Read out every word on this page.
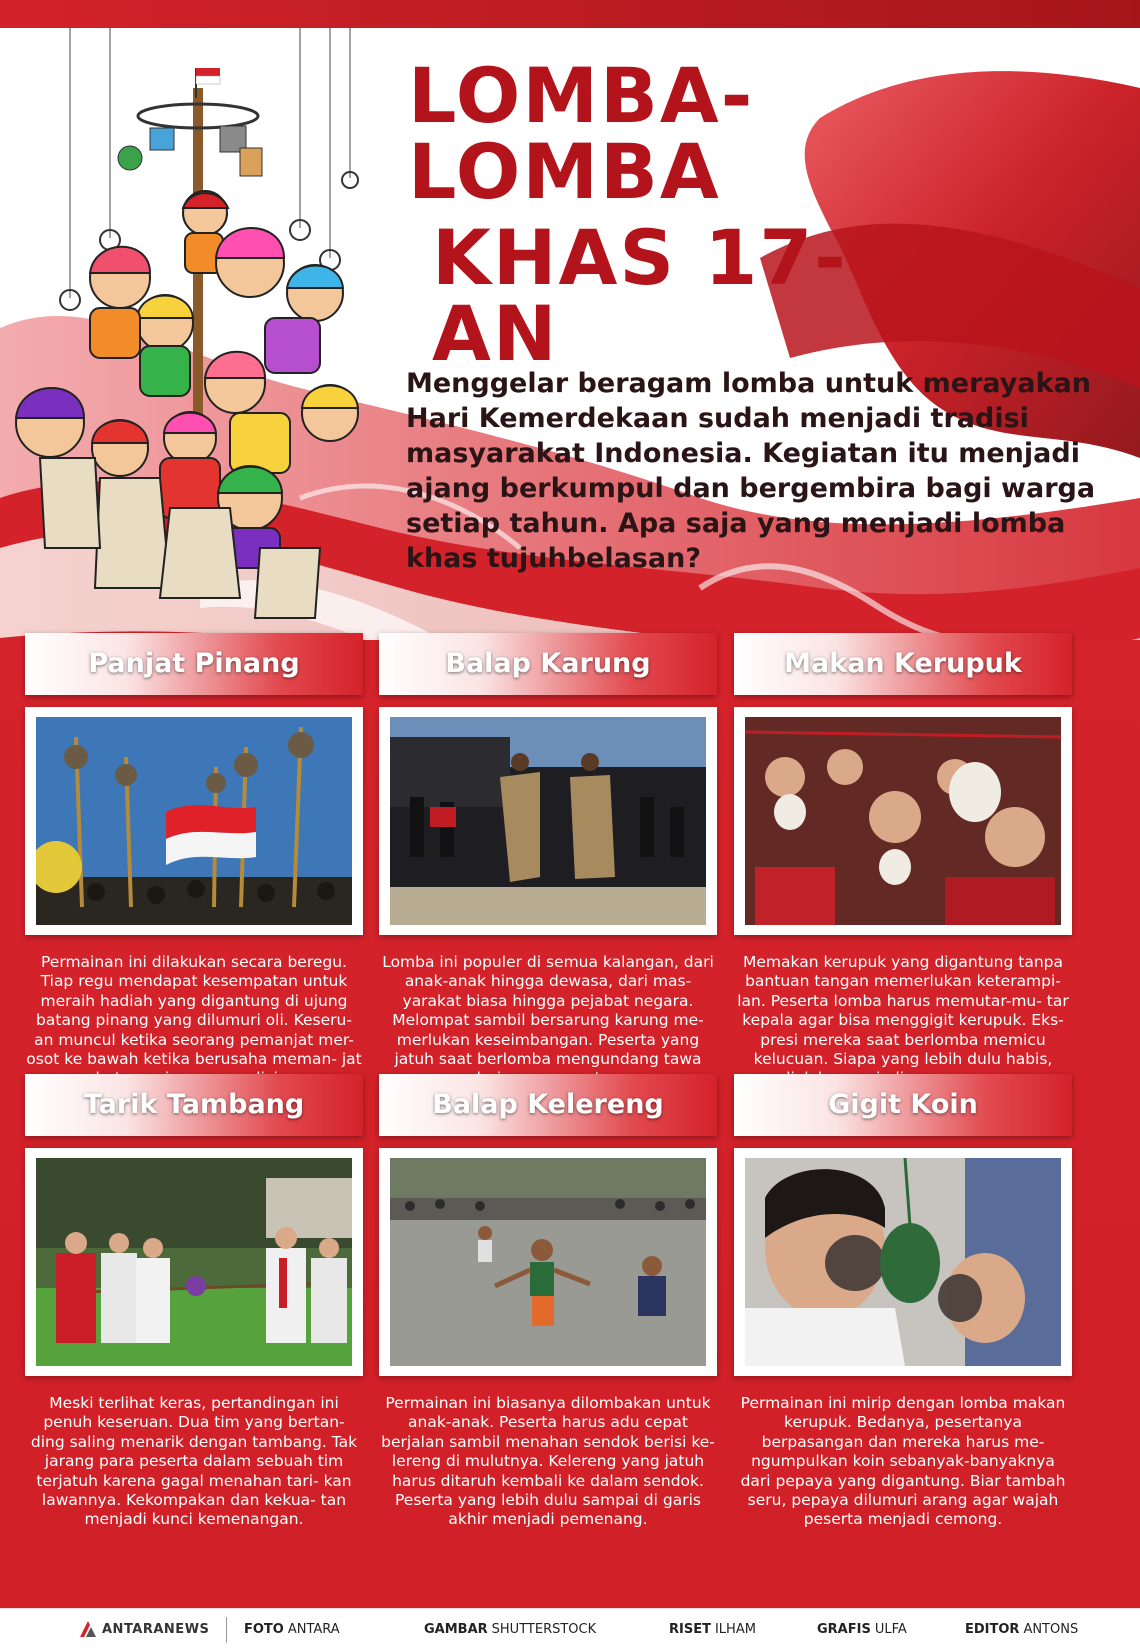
LOMBA-LOMBA
KHAS 17-AN
Menggelar beragam lomba untuk merayakan Hari Kemerdekaan sudah menjadi tradisi masyarakat Indonesia. Kegiatan itu menjadi ajang berkumpul dan bergembira bagi warga setiap tahun. Apa saja yang menjadi lomba khas tujuhbelasan?
Panjat Pinang
Permainan ini dilakukan secara beregu. Tiap regu mendapat kesempatan untuk meraih hadiah yang digantung di ujung batang pinang yang dilumuri oli. Keseru- an muncul ketika seorang pemanjat mer- osot ke bawah ketika berusaha meman- jat
Balap Karung
Lomba ini populer di semua kalangan, dari anak-anak hingga dewasa, dari mas- yarakat biasa hingga pejabat negara. Melompat sambil bersarung karung me- merlukan keseimbangan. Peserta yang jatuh saat berlomba mengundang tawa
Makan Kerupuk
Memakan kerupuk yang digantung tanpa bantuan tangan memerlukan keterampi- lan. Peserta lomba harus memutar-mu- tar kepala agar bisa menggigit kerupuk. Eks- presi mereka saat berlomba memicu kelucuan. Siapa yang lebih dulu habis,
Tarik Tambang
Meski terlihat keras, pertandingan ini penuh keseruan. Dua tim yang bertan- ding saling menarik dengan tambang. Tak jarang para peserta dalam sebuah tim terjatuh karena gagal menahan tari- kan lawannya. Kekompakan dan kekua- tan menjadi kunci kemenangan.
Balap Kelereng
Permainan ini biasanya dilombakan untuk anak-anak. Peserta harus adu cepat berjalan sambil menahan sendok berisi ke- lereng di mulutnya. Kelereng yang jatuh harus ditaruh kembali ke dalam sendok. Peserta yang lebih dulu sampai di garis akhir menjadi pemenang.
Gigit Koin
Permainan ini mirip dengan lomba makan kerupuk. Bedanya, pesertanya berpasangan dan mereka harus me- ngumpulkan koin sebanyak-banyaknya dari pepaya yang digantung. Biar tambah seru, pepaya dilumuri arang agar wajah peserta menjadi cemong.
ANTARANEWS	FOTO ANTARA	GAMBAR SHUTTERSTOCK	RISET ILHAM	GRAFIS ULFA	EDITOR ANTONS
